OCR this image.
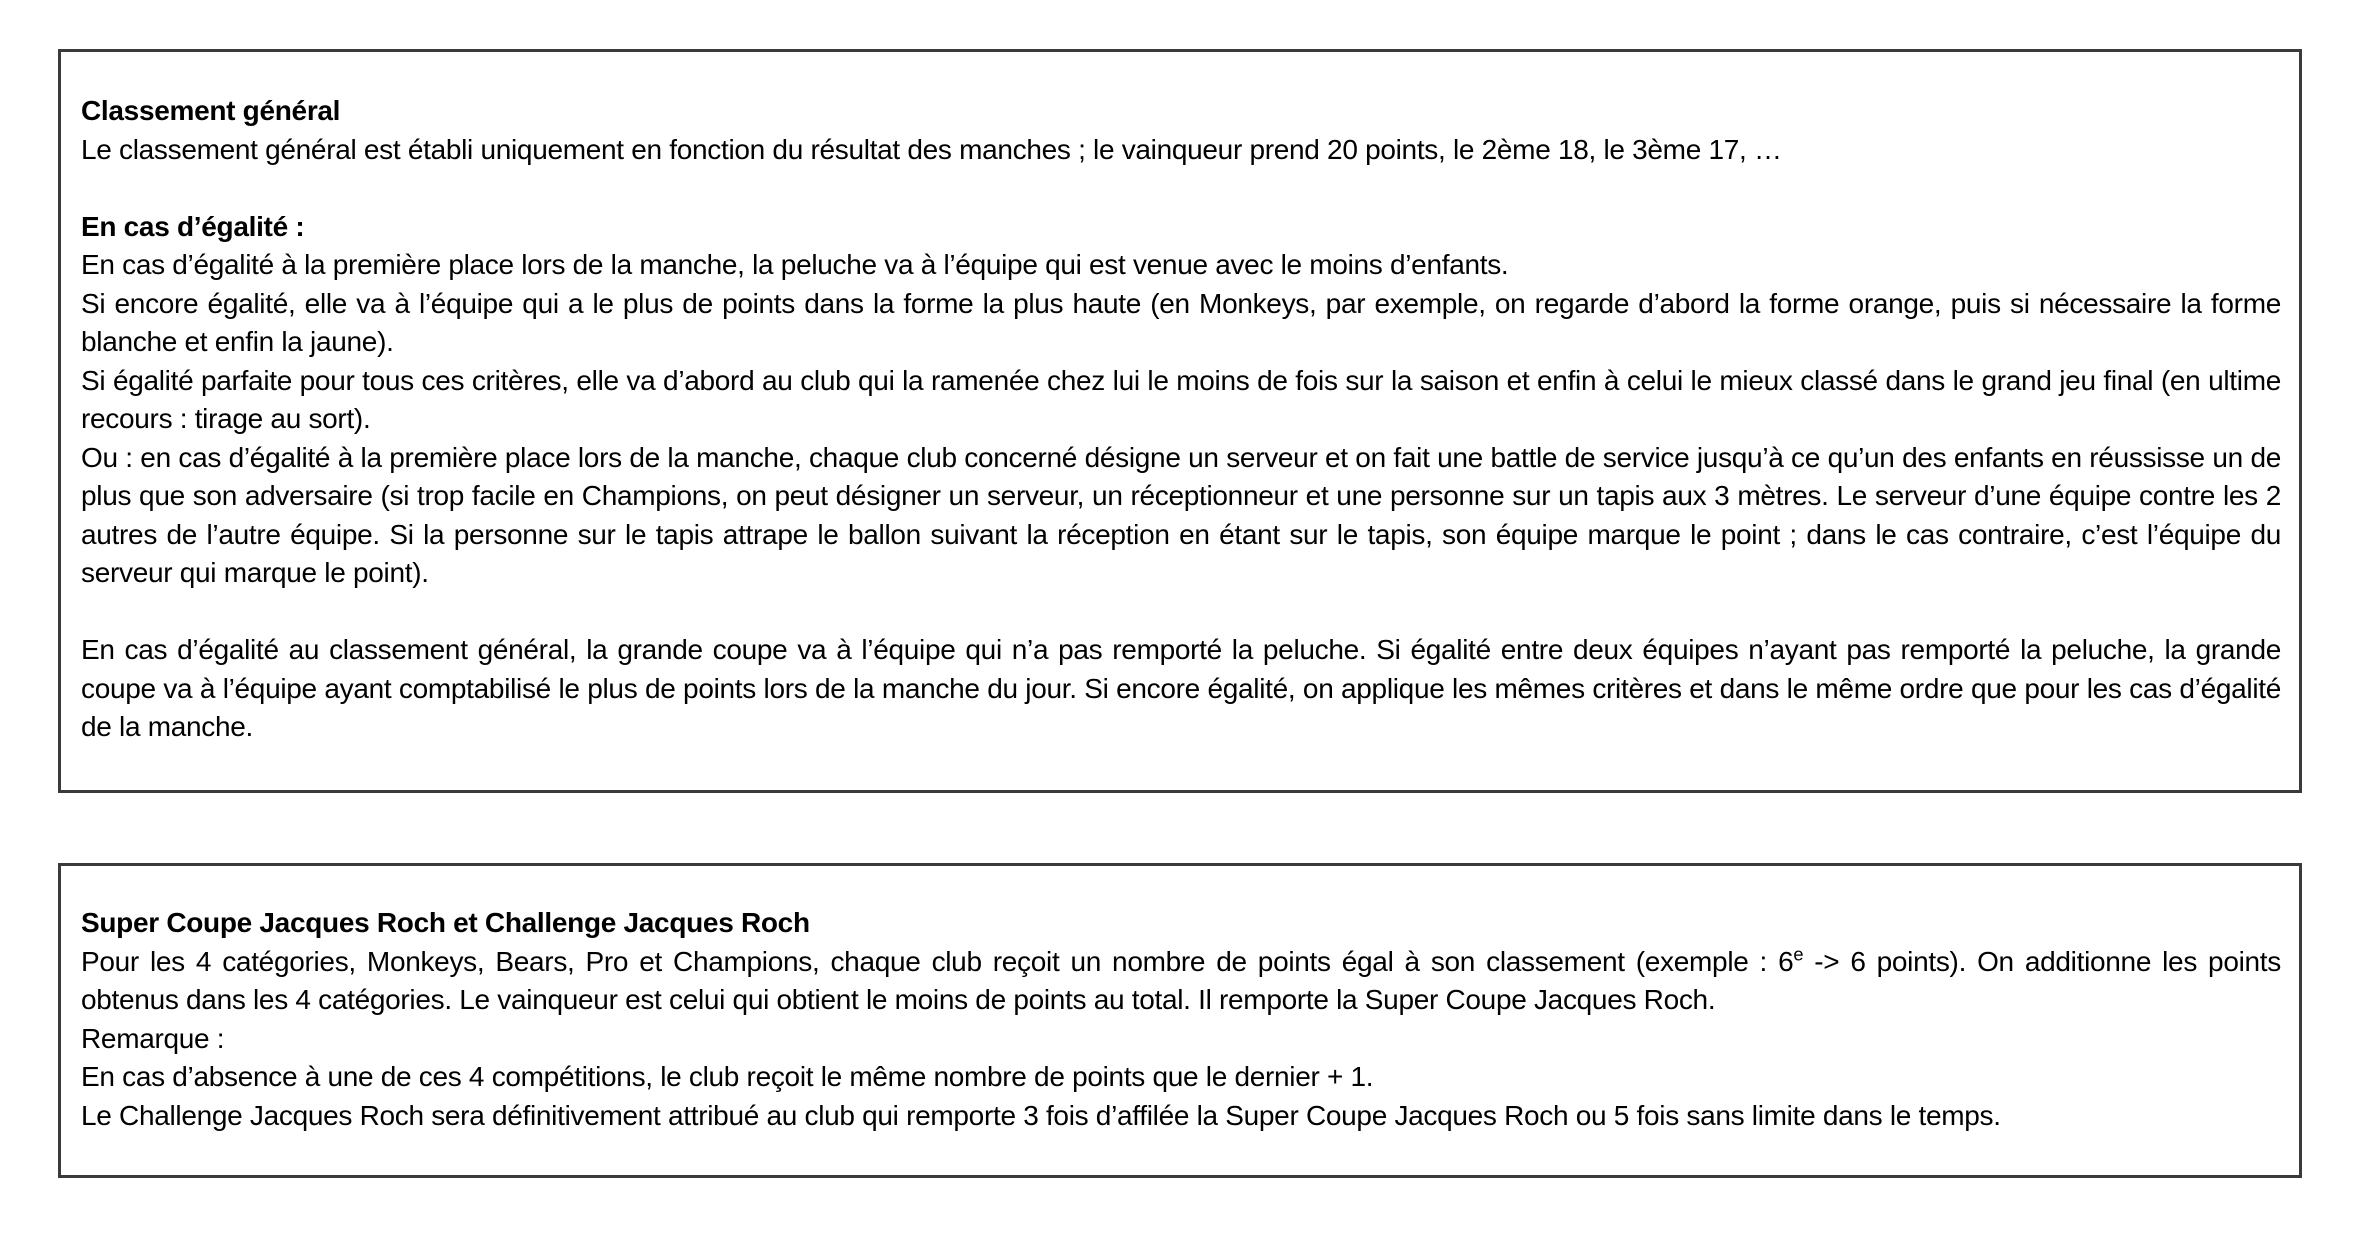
Classement général

Le classement général est établi uniquement en fonction du résultat des manches ; le vainqueur prend 20 points, le 2ème 18, le 3ème 17, …

En cas d’égalité :

En cas d’égalité à la première place lors de la manche, la peluche va à l’équipe qui est venue avec le moins d’enfants.

Si encore égalité, elle va à l’équipe qui a le plus de points dans la forme la plus haute (en Monkeys, par exemple, on regarde d’abord la forme orange, puis si nécessaire la forme blanche et enfin la jaune).

Si égalité parfaite pour tous ces critères, elle va d’abord au club qui la ramenée chez lui le moins de fois sur la saison et enfin à celui le mieux classé dans le grand jeu final (en ultime recours : tirage au sort).

Ou : en cas d’égalité à la première place lors de la manche, chaque club concerné désigne un serveur et on fait une battle de service jusqu’à ce qu’un des enfants en réussisse un de plus que son adversaire (si trop facile en Champions, on peut désigner un serveur, un réceptionneur et une personne sur un tapis aux 3 mètres. Le serveur d’une équipe contre les 2 autres de l’autre équipe. Si la personne sur le tapis attrape le ballon suivant la réception en étant sur le tapis, son équipe marque le point ; dans le cas contraire, c’est l’équipe du serveur qui marque le point).

En cas d’égalité au classement général, la grande coupe va à l’équipe qui n’a pas remporté la peluche. Si égalité entre deux équipes n’ayant pas remporté la peluche, la grande coupe va à l’équipe ayant comptabilisé le plus de points lors de la manche du jour. Si encore égalité, on applique les mêmes critères et dans le même ordre que pour les cas d’égalité de la manche.

Super Coupe Jacques Roch et Challenge Jacques Roch

Pour les 4 catégories, Monkeys, Bears, Pro et Champions, chaque club reçoit un nombre de points égal à son classement (exemple : 6e -> 6 points). On additionne les points obtenus dans les 4 catégories. Le vainqueur est celui qui obtient le moins de points au total. Il remporte la Super Coupe Jacques Roch.

Remarque :

En cas d’absence à une de ces 4 compétitions, le club reçoit le même nombre de points que le dernier + 1.

Le Challenge Jacques Roch sera définitivement attribué au club qui remporte 3 fois d’affilée la Super Coupe Jacques Roch ou 5 fois sans limite dans le temps.
